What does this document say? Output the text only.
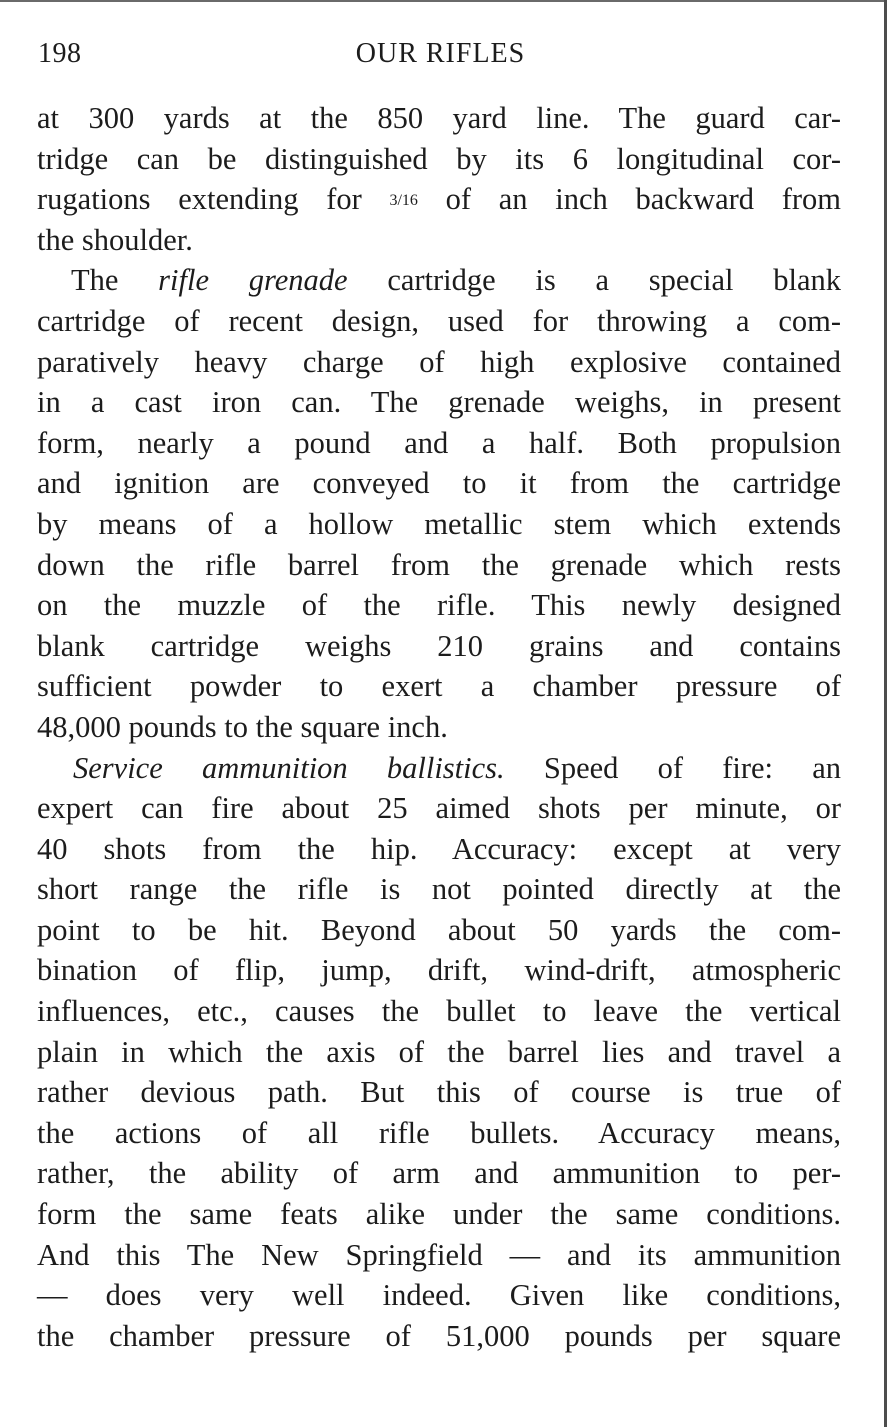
198	OUR RIFLES
at 300 yards at the 850 yard line. The guard car-
tridge can be distinguished by its 6 longitudinal cor-
rugations extending for 3/16 of an inch backward from
the shoulder.
The rifle grenade cartridge is a special blank
cartridge of recent design, used for throwing a com-
paratively heavy charge of high explosive contained
in a cast iron can. The grenade weighs, in present
form, nearly a pound and a half. Both propulsion
and ignition are conveyed to it from the cartridge
by means of a hollow metallic stem which extends
down the rifle barrel from the grenade which rests
on the muzzle of the rifle. This newly designed
blank cartridge weighs 210 grains and contains
sufficient powder to exert a chamber pressure of
48,000 pounds to the square inch.
Service ammunition ballistics. Speed of fire: an
expert can fire about 25 aimed shots per minute, or
40 shots from the hip. Accuracy: except at very
short range the rifle is not pointed directly at the
point to be hit. Beyond about 50 yards the com-
bination of flip, jump, drift, wind-drift, atmospheric
influences, etc., causes the bullet to leave the vertical
plain in which the axis of the barrel lies and travel a
rather devious path. But this of course is true of
the actions of all rifle bullets. Accuracy means,
rather, the ability of arm and ammunition to per-
form the same feats alike under the same conditions.
And this The New Springfield — and its ammunition
— does very well indeed. Given like conditions,
the chamber pressure of 51,000 pounds per square
